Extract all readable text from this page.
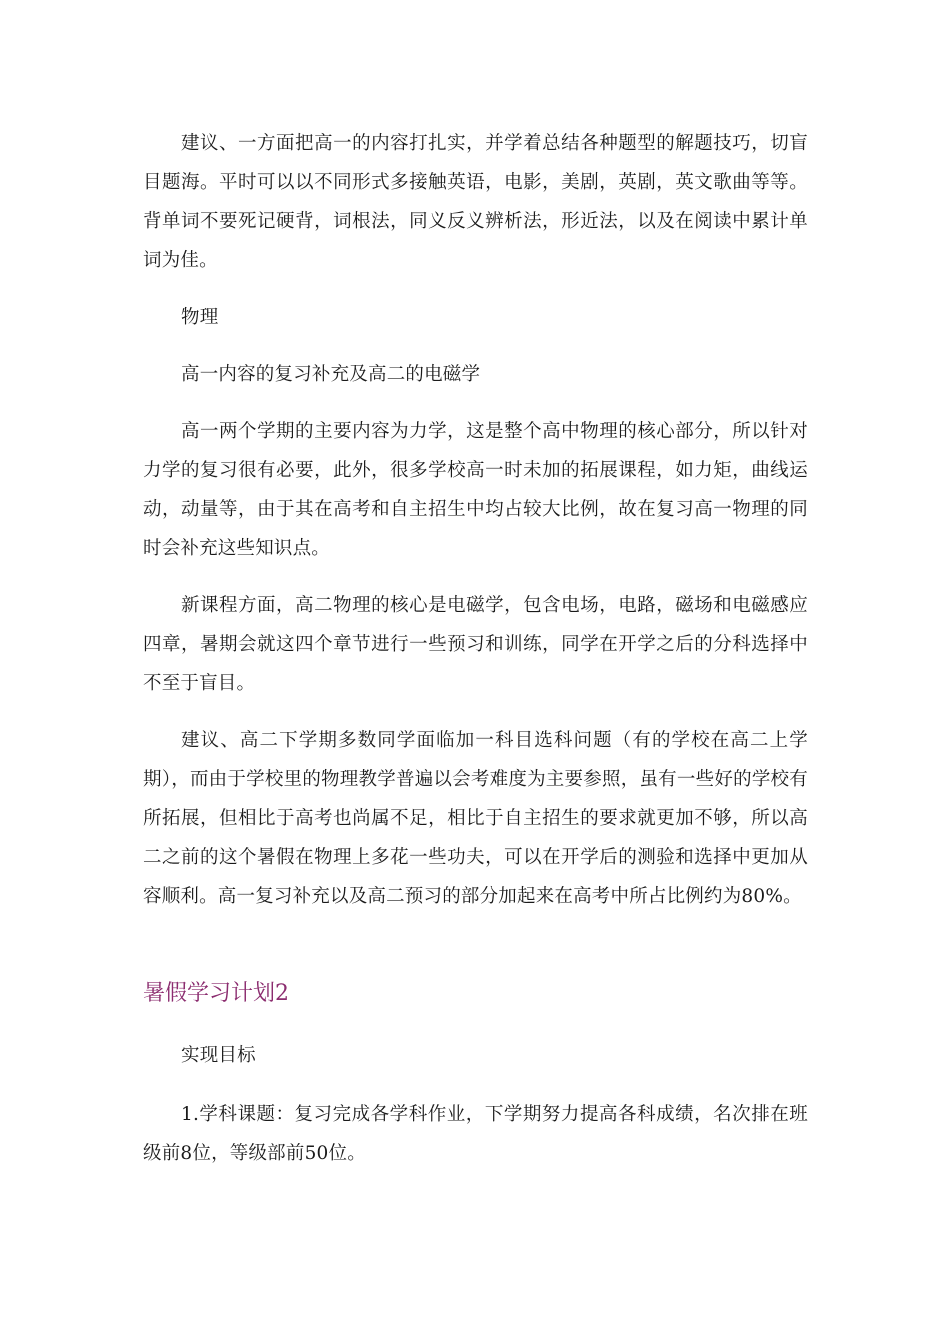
建议、一方面把高一的内容打扎实，并学着总结各种题型的解题技巧，切盲目题海。平时可以以不同形式多接触英语，电影，美剧，英剧，英文歌曲等等。背单词不要死记硬背，词根法，同义反义辨析法，形近法，以及在阅读中累计单词为佳。

物理

高一内容的复习补充及高二的电磁学

高一两个学期的主要内容为力学，这是整个高中物理的核心部分，所以针对力学的复习很有必要，此外，很多学校高一时未加的拓展课程，如力矩，曲线运动，动量等，由于其在高考和自主招生中均占较大比例，故在复习高一物理的同时会补充这些知识点。

新课程方面，高二物理的核心是电磁学，包含电场，电路，磁场和电磁感应四章，暑期会就这四个章节进行一些预习和训练，同学在开学之后的分科选择中不至于盲目。

建议、高二下学期多数同学面临加一科目选科问题（有的学校在高二上学期），而由于学校里的物理教学普遍以会考难度为主要参照，虽有一些好的学校有所拓展，但相比于高考也尚属不足，相比于自主招生的要求就更加不够，所以高二之前的这个暑假在物理上多花一些功夫，可以在开学后的测验和选择中更加从容顺利。高一复习补充以及高二预习的部分加起来在高考中所占比例约为80%。

暑假学习计划2

实现目标

1.学科课题：复习完成各学科作业，下学期努力提高各科成绩，名次排在班级前8位，等级部前50位。
